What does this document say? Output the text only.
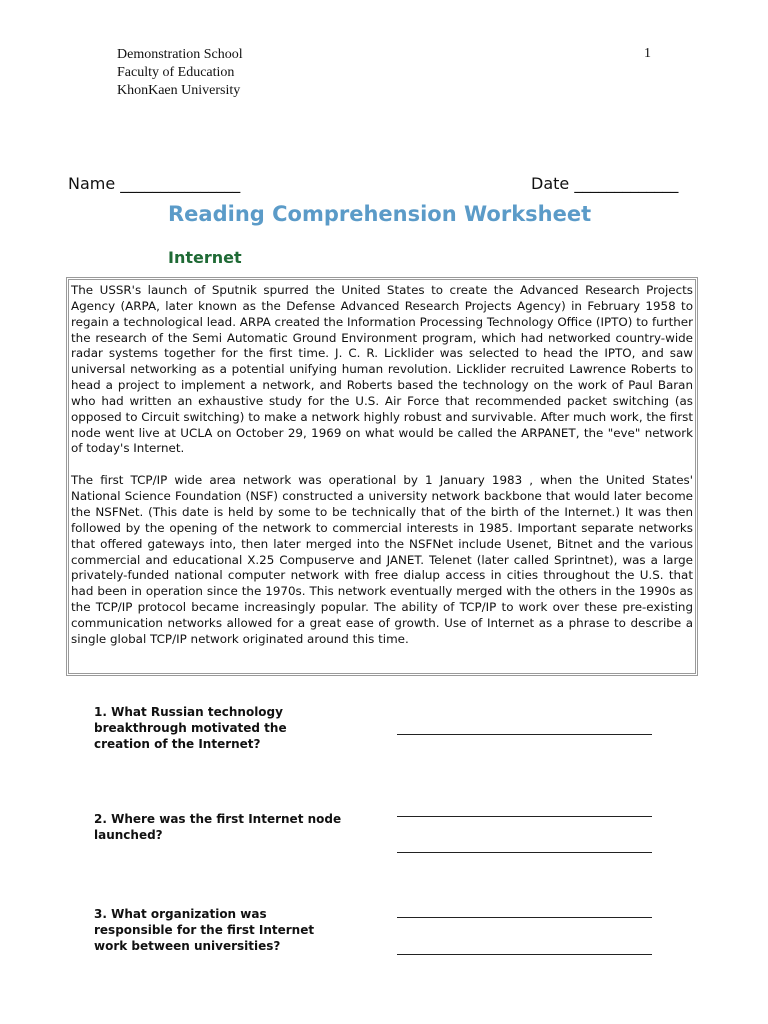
Demonstration School
Faculty of Education
KhonKaen University
1
Name _______________	Date _____________
Reading Comprehension Worksheet
Internet

The USSR's launch of Sputnik spurred the United States to create the Advanced Research Projects Agency (ARPA, later known as the Defense Advanced Research Projects Agency) in February 1958 to regain a technological lead. ARPA created the Information Processing Technology Office (IPTO) to further the research of the Semi Automatic Ground Environment program, which had networked country-wide radar systems together for the first time. J. C. R. Licklider was selected to head the IPTO, and saw universal networking as a potential unifying human revolution. Licklider recruited Lawrence Roberts to head a project to implement a network, and Roberts based the technology on the work of Paul Baran who had written an exhaustive study for the U.S. Air Force that recommended packet switching (as opposed to Circuit switching) to make a network highly robust and survivable. After much work, the first node went live at UCLA on October 29, 1969 on what would be called the ARPANET, the "eve" network of today's Internet.

The first TCP/IP wide area network was operational by 1 January 1983 , when the United States' National Science Foundation (NSF) constructed a university network backbone that would later become the NSFNet. (This date is held by some to be technically that of the birth of the Internet.) It was then followed by the opening of the network to commercial interests in 1985. Important separate networks that offered gateways into, then later merged into the NSFNet include Usenet, Bitnet and the various commercial and educational X.25 Compuserve and JANET. Telenet (later called Sprintnet), was a large privately-funded national computer network with free dialup access in cities throughout the U.S. that had been in operation since the 1970s. This network eventually merged with the others in the 1990s as the TCP/IP protocol became increasingly popular. The ability of TCP/IP to work over these pre-existing communication networks allowed for a great ease of growth. Use of Internet as a phrase to describe a single global TCP/IP network originated around this time.

1. What Russian technology breakthrough motivated the creation of the Internet?
2. Where was the first Internet node launched?
3. What organization was responsible for the first Internet work between universities?
